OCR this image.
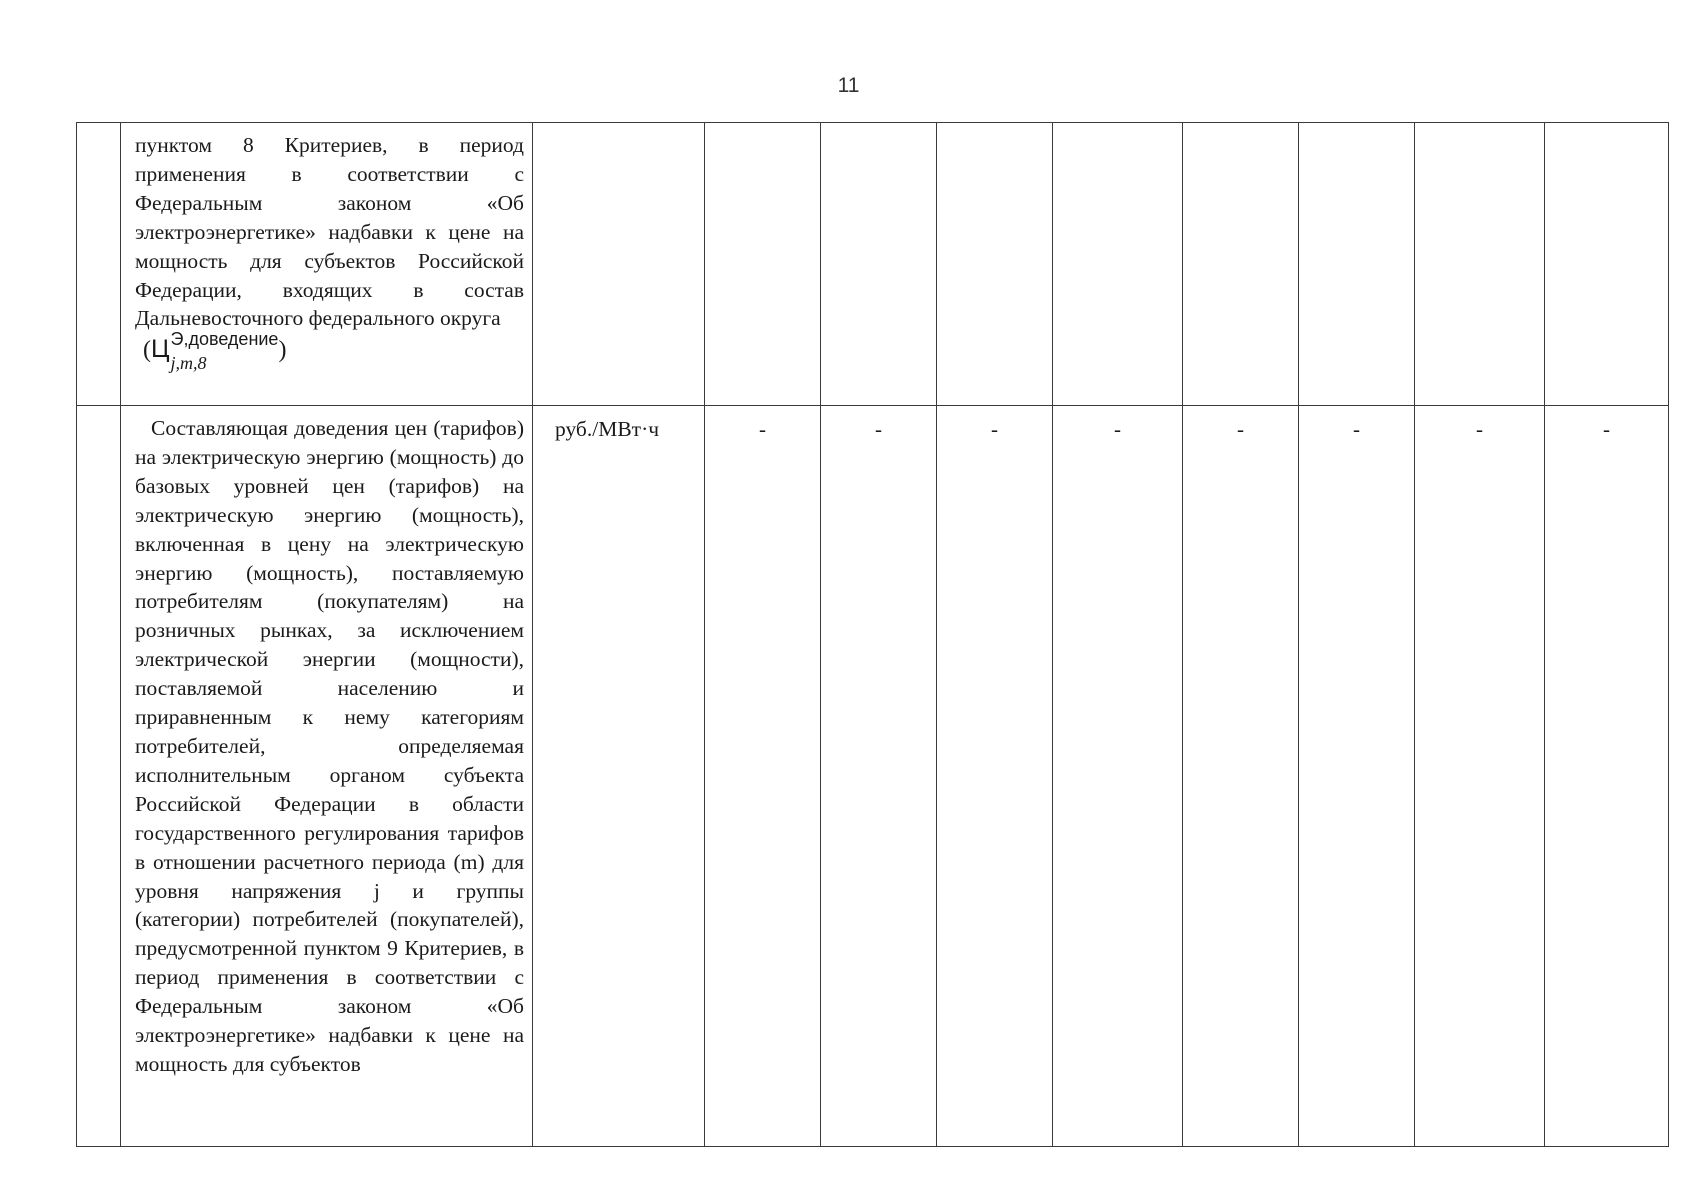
11

	пунктом 8 Критериев, в период применения в соответствии с Федеральным законом «Об электроэнергетике» надбавки к цене на мощность для субъектов Российской Федерации, входящих в состав Дальневосточного федерального округа

(Ц Э,доведение
j,m,8 )									

	Составляющая доведения цен (тарифов) на электрическую энергию (мощность) до базовых уровней цен (тарифов) на электрическую энергию (мощность), включенная в цену на электрическую энергию (мощность), поставляемую потребителям (покупателям) на розничных рынках, за исключением электрической энергии (мощности), поставляемой населению и приравненным к нему категориям потребителей, определяемая исполнительным органом субъекта Российской Федерации в области государственного регулирования тарифов в отношении расчетного периода (m) для уровня напряжения j и группы (категории) потребителей (покупателей), предусмотренной пунктом 9 Критериев, в период применения в соответствии с Федеральным законом «Об электроэнергетике» надбавки к цене на мощность для субъектов	руб./МВт·ч	-	-	-	-	-	-	-	-
